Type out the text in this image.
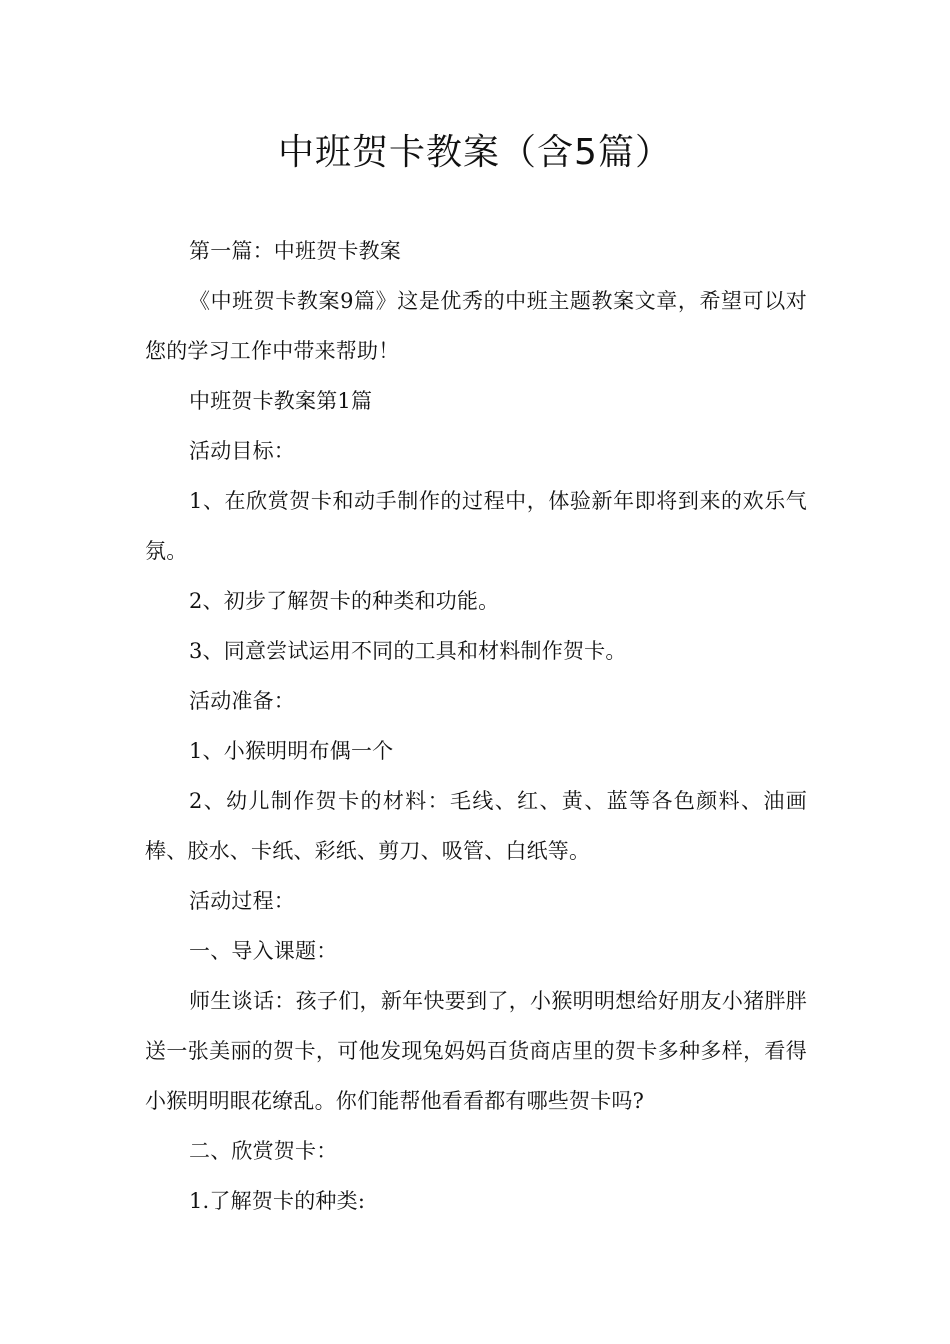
中班贺卡教案（含5篇）

第一篇：中班贺卡教案

《中班贺卡教案9篇》这是优秀的中班主题教案文章，希望可以对您的学习工作中带来帮助！

中班贺卡教案第1篇

活动目标：

1、在欣赏贺卡和动手制作的过程中，体验新年即将到来的欢乐气氛。

2、初步了解贺卡的种类和功能。

3、同意尝试运用不同的工具和材料制作贺卡。

活动准备：

1、小猴明明布偶一个

2、幼儿制作贺卡的材料：毛线、红、黄、蓝等各色颜料、油画棒、胶水、卡纸、彩纸、剪刀、吸管、白纸等。

活动过程：

一、导入课题：

师生谈话：孩子们，新年快要到了，小猴明明想给好朋友小猪胖胖送一张美丽的贺卡，可他发现兔妈妈百货商店里的贺卡多种多样，看得小猴明明眼花缭乱。你们能帮他看看都有哪些贺卡吗?

二、欣赏贺卡：

1.了解贺卡的种类:
